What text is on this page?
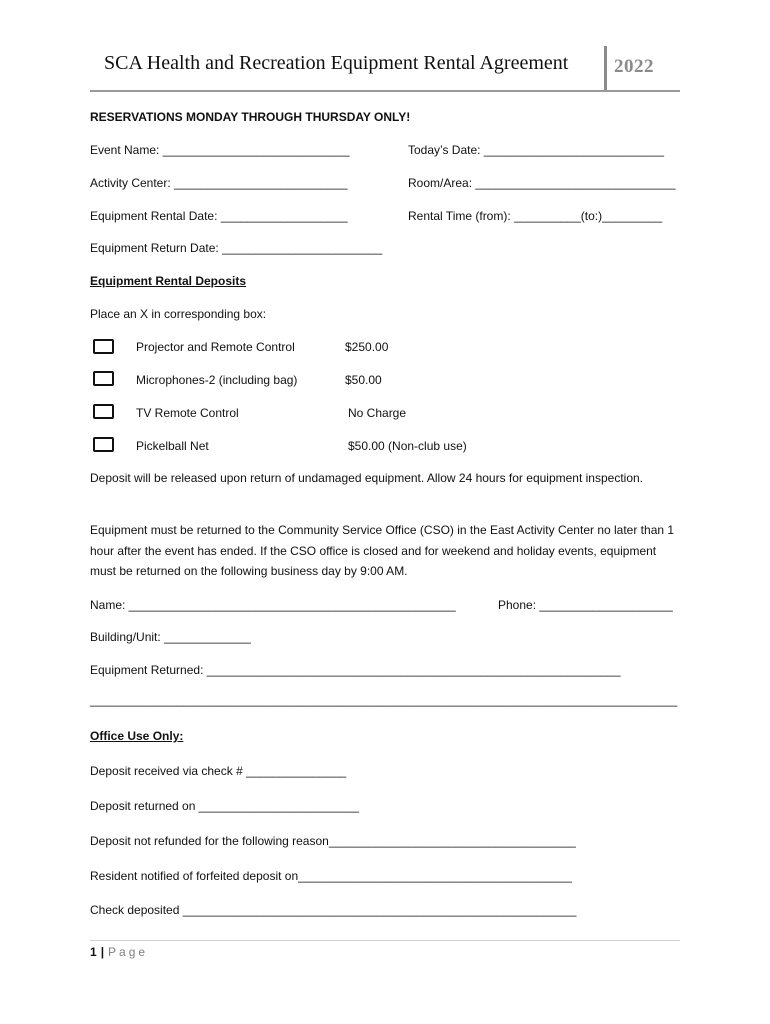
SCA Health and Recreation Equipment Rental Agreement 2022
RESERVATIONS MONDAY THROUGH THURSDAY ONLY!
Event Name: ____________________________	Today’s Date: ___________________________
Activity Center: __________________________	Room/Area: ______________________________
Equipment Rental Date: ___________________	Rental Time (from): __________(to:)_________
Equipment Return Date: ________________________
Equipment Rental Deposits
Place an X in corresponding box:
Projector and Remote Control	$250.00
Microphones-2 (including bag)	$50.00
TV Remote Control	No Charge
Pickelball Net	$50.00 (Non-club use)
Deposit will be released upon return of undamaged equipment. Allow 24 hours for equipment inspection.
Equipment must be returned to the Community Service Office (CSO) in the East Activity Center no later than 1 hour after the event has ended. If the CSO office is closed and for weekend and holiday events, equipment must be returned on the following business day by 9:00 AM.
Name: _________________________________________________	Phone: ____________________
Building/Unit: _____________
Equipment Returned: ______________________________________________________________
________________________________________________________________________________________
Office Use Only:
Deposit received via check # _______________
Deposit returned on ________________________
Deposit not refunded for the following reason_____________________________________
Resident notified of forfeited deposit on_________________________________________
Check deposited ___________________________________________________________
1 | Page
